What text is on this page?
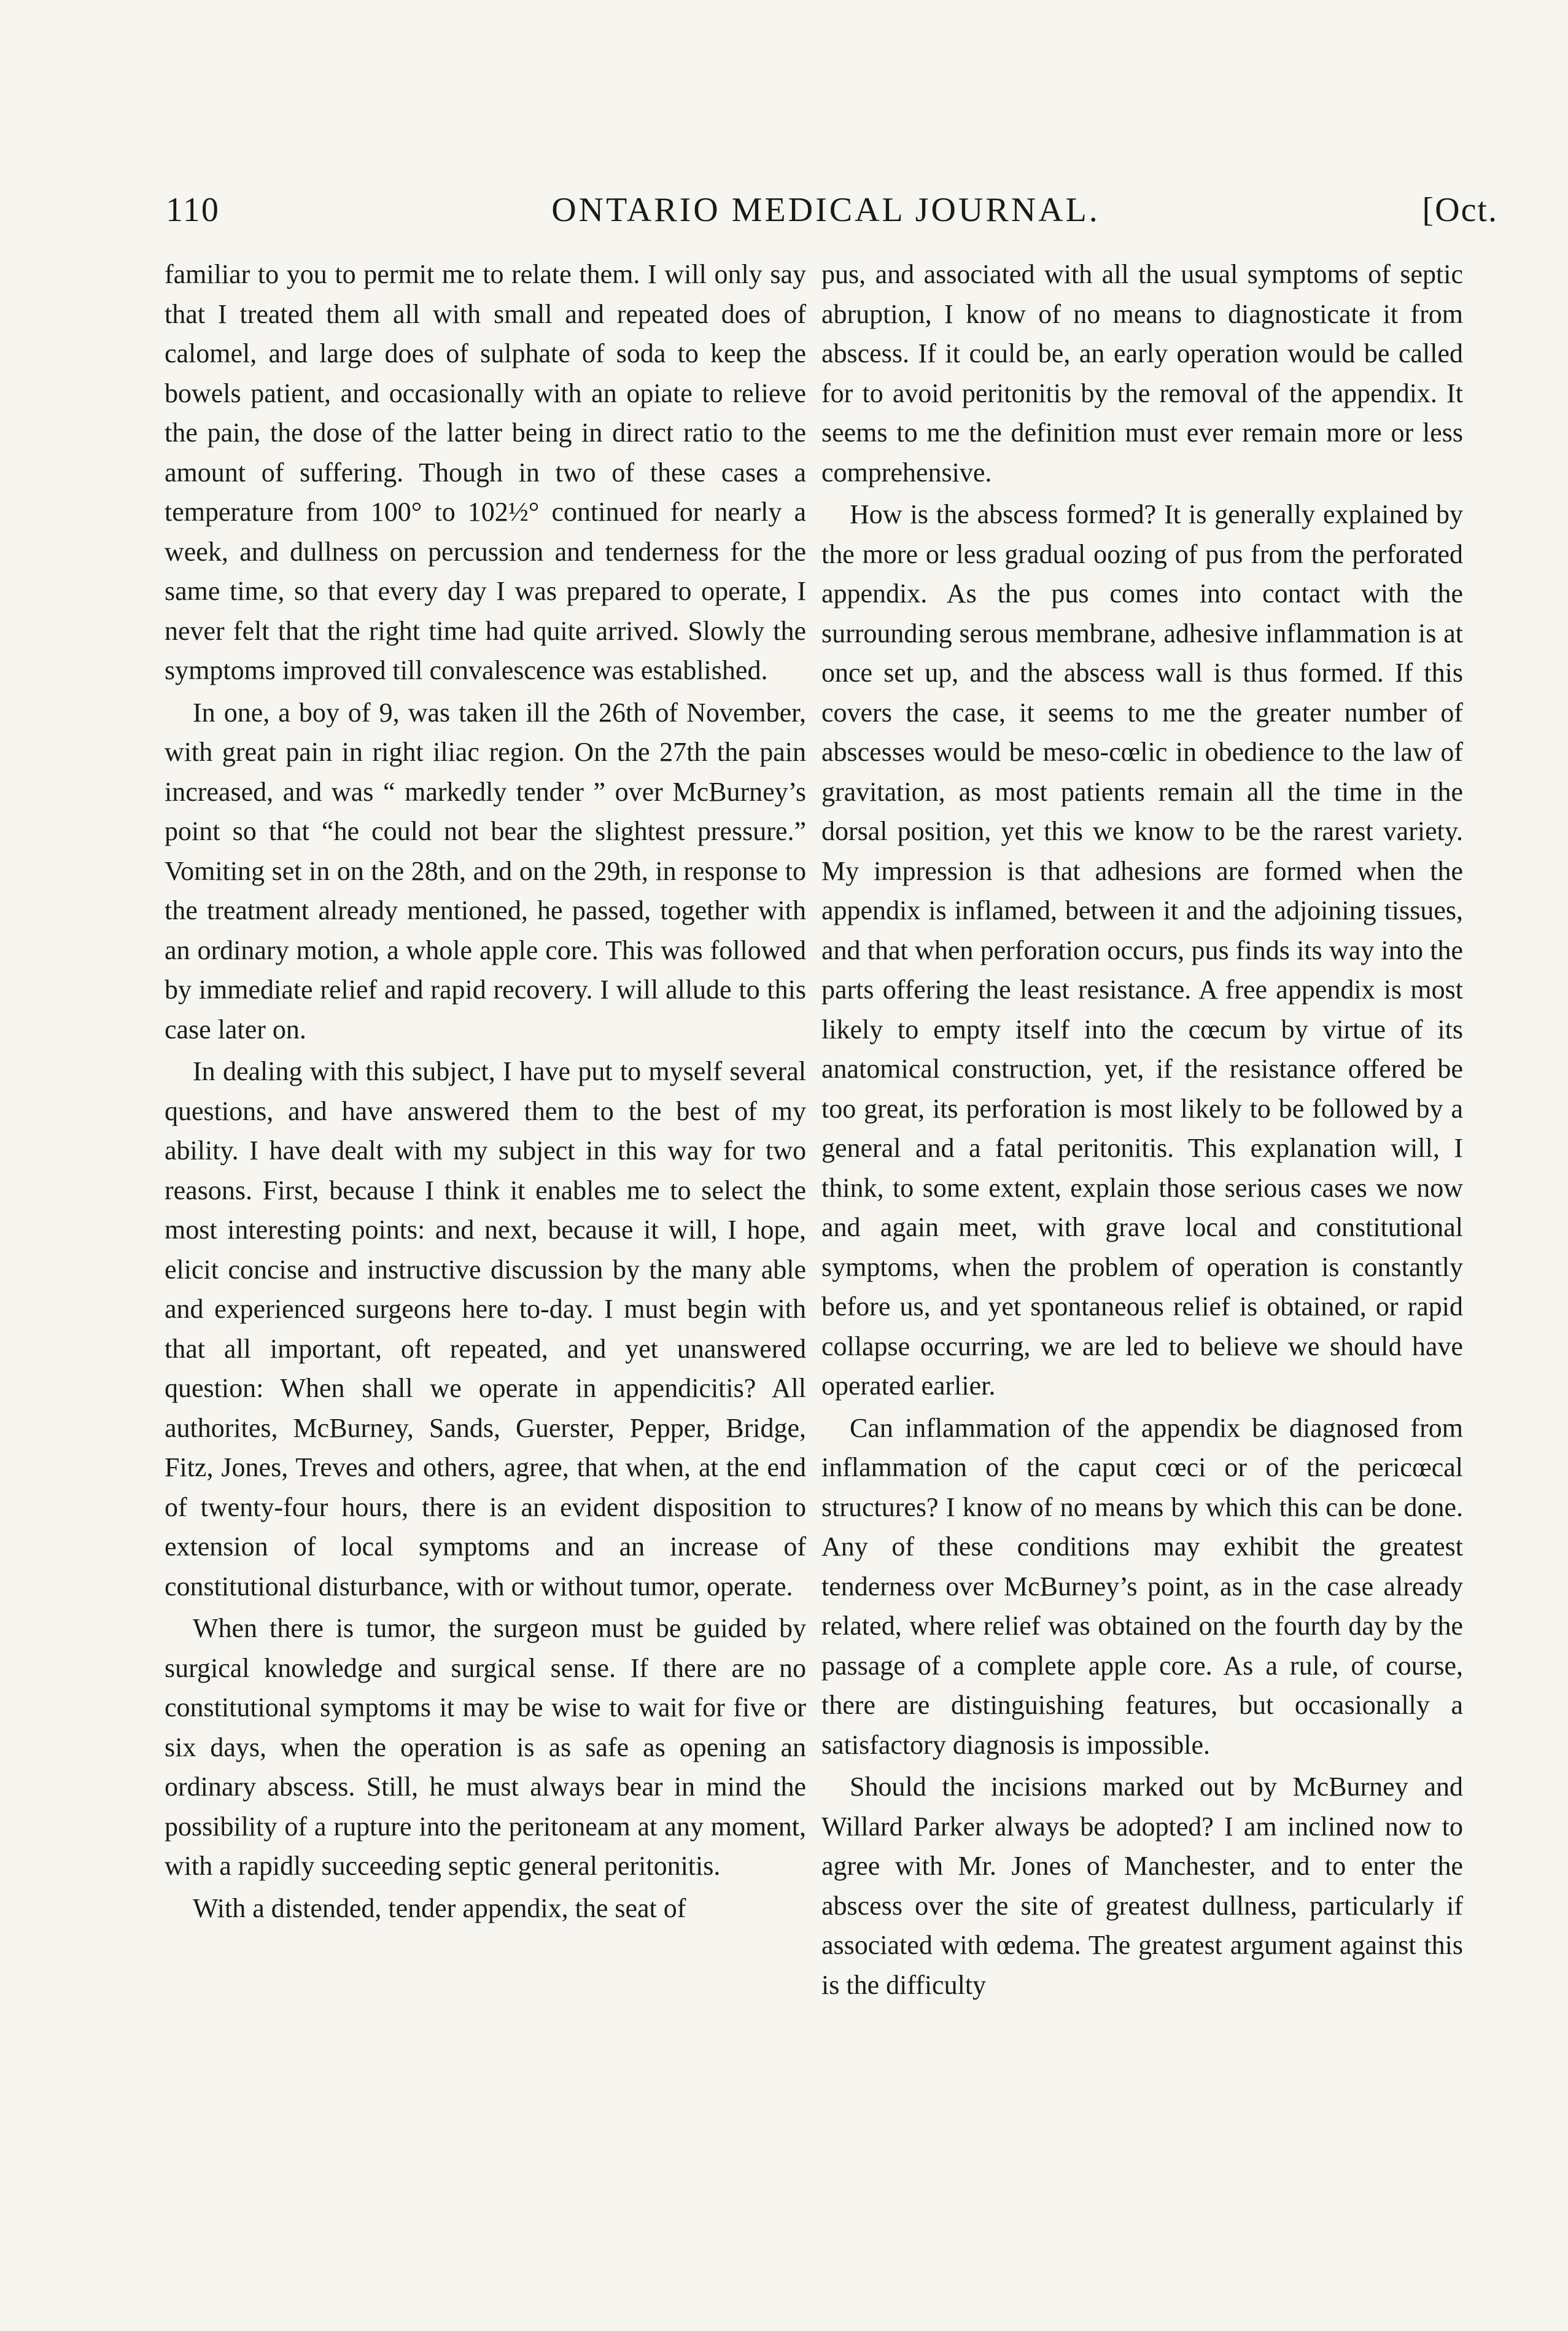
110	ONTARIO MEDICAL JOURNAL.	[Oct.

familiar to you to permit me to relate them. I will only say that I treated them all with small and repeated does of calomel, and large does of sulphate of soda to keep the bowels patient, and occasionally with an opiate to relieve the pain, the dose of the latter being in direct ratio to the amount of suffering. Though in two of these cases a temperature from 100° to 102½° continued for nearly a week, and dullness on percussion and tenderness for the same time, so that every day I was prepared to operate, I never felt that the right time had quite arrived. Slowly the symptoms improved till convalescence was established.

In one, a boy of 9, was taken ill the 26th of November, with great pain in right iliac region. On the 27th the pain increased, and was “ markedly tender ” over McBurney’s point so that “he could not bear the slightest pressure.” Vomiting set in on the 28th, and on the 29th, in response to the treatment already mentioned, he passed, together with an ordinary motion, a whole apple core. This was followed by immediate relief and rapid recovery. I will allude to this case later on.

In dealing with this subject, I have put to myself several questions, and have answered them to the best of my ability. I have dealt with my subject in this way for two reasons. First, because I think it enables me to select the most interesting points: and next, because it will, I hope, elicit concise and instructive discussion by the many able and experienced surgeons here to-day. I must begin with that all important, oft repeated, and yet unanswered question: When shall we operate in appendicitis? All authorites, McBurney, Sands, Guerster, Pepper, Bridge, Fitz, Jones, Treves and others, agree, that when, at the end of twenty-four hours, there is an evident disposition to extension of local symptoms and an increase of constitutional disturbance, with or without tumor, operate.

When there is tumor, the surgeon must be guided by surgical knowledge and surgical sense. If there are no constitutional symptoms it may be wise to wait for five or six days, when the operation is as safe as opening an ordinary abscess. Still, he must always bear in mind the possibility of a rupture into the peritoneam at any moment, with a rapidly succeeding septic general peritonitis.

With a distended, tender appendix, the seat of

pus, and associated with all the usual symptoms of septic abruption, I know of no means to diagnosticate it from abscess. If it could be, an early operation would be called for to avoid peritonitis by the removal of the appendix. It seems to me the definition must ever remain more or less comprehensive.

How is the abscess formed? It is generally explained by the more or less gradual oozing of pus from the perforated appendix. As the pus comes into contact with the surrounding serous membrane, adhesive inflammation is at once set up, and the abscess wall is thus formed. If this covers the case, it seems to me the greater number of abscesses would be meso-cœlic in obedience to the law of gravitation, as most patients remain all the time in the dorsal position, yet this we know to be the rarest variety. My impression is that adhesions are formed when the appendix is inflamed, between it and the adjoining tissues, and that when perforation occurs, pus finds its way into the parts offering the least resistance. A free appendix is most likely to empty itself into the cœcum by virtue of its anatomical construction, yet, if the resistance offered be too great, its perforation is most likely to be followed by a general and a fatal peritonitis. This explanation will, I think, to some extent, explain those serious cases we now and again meet, with grave local and constitutional symptoms, when the problem of operation is constantly before us, and yet spontaneous relief is obtained, or rapid collapse occurring, we are led to believe we should have operated earlier.

Can inflammation of the appendix be diagnosed from inflammation of the caput cœci or of the pericœcal structures? I know of no means by which this can be done. Any of these conditions may exhibit the greatest tenderness over McBurney’s point, as in the case already related, where relief was obtained on the fourth day by the passage of a complete apple core. As a rule, of course, there are distinguishing features, but occasionally a satisfactory diagnosis is impossible.

Should the incisions marked out by McBurney and Willard Parker always be adopted? I am inclined now to agree with Mr. Jones of Manchester, and to enter the abscess over the site of greatest dullness, particularly if associated with œdema. The greatest argument against this is the difficulty
